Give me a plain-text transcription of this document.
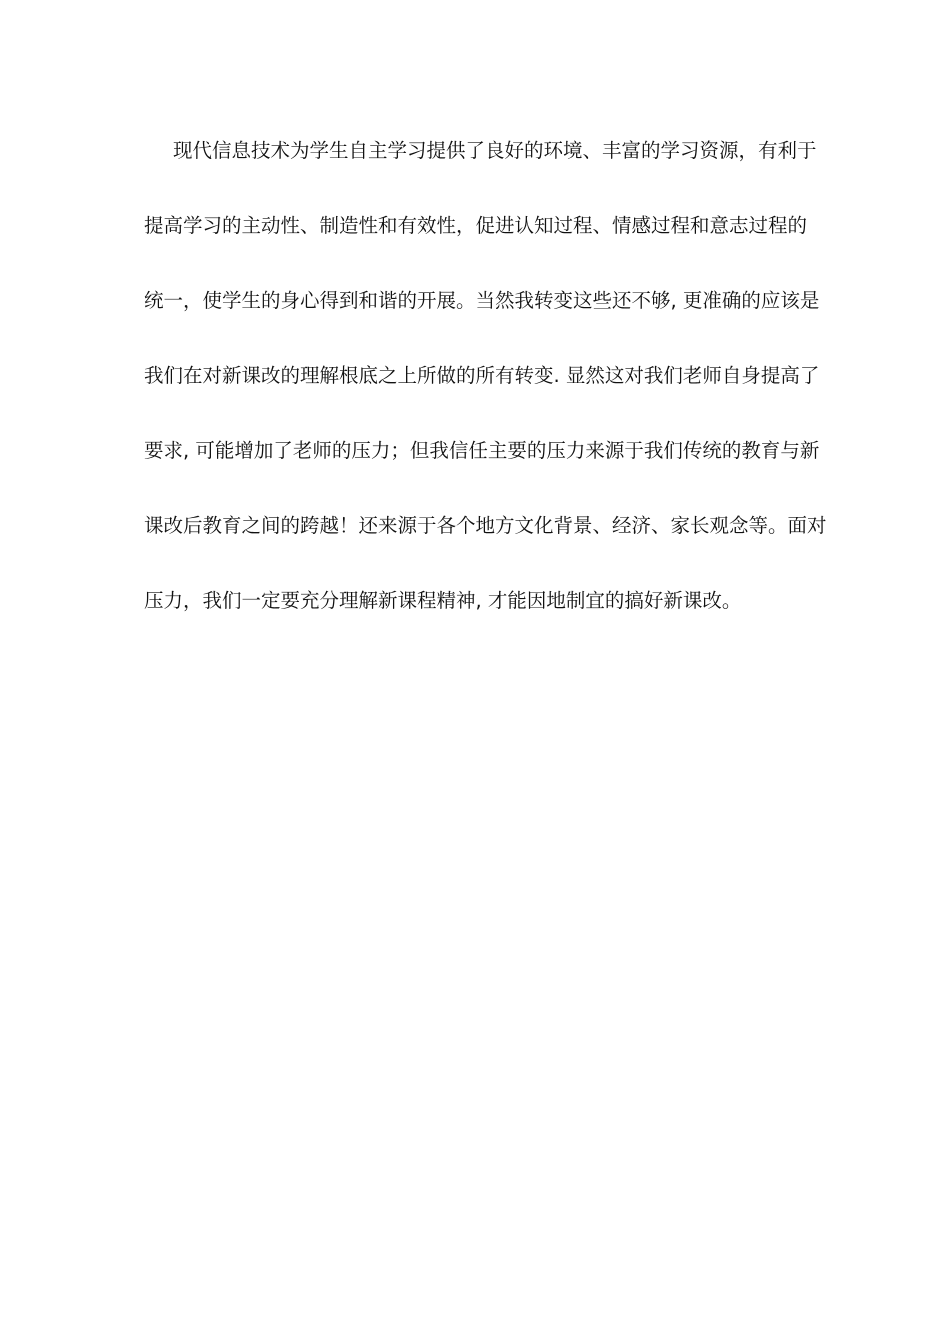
现代信息技术为学生自主学习提供了良好的环境、丰富的学习资源，有利于
提高学习的主动性、制造性和有效性，促进认知过程、情感过程和意志过程的
统一，使学生的身心得到和谐的开展。当然我转变这些还不够, 更准确的应该是
我们在对新课改的理解根底之上所做的所有转变. 显然这对我们老师自身提高了
要求, 可能增加了老师的压力；但我信任主要的压力来源于我们传统的教育与新
课改后教育之间的跨越！还来源于各个地方文化背景、经济、家长观念等。面对
压力，我们一定要充分理解新课程精神, 才能因地制宜的搞好新课改。
